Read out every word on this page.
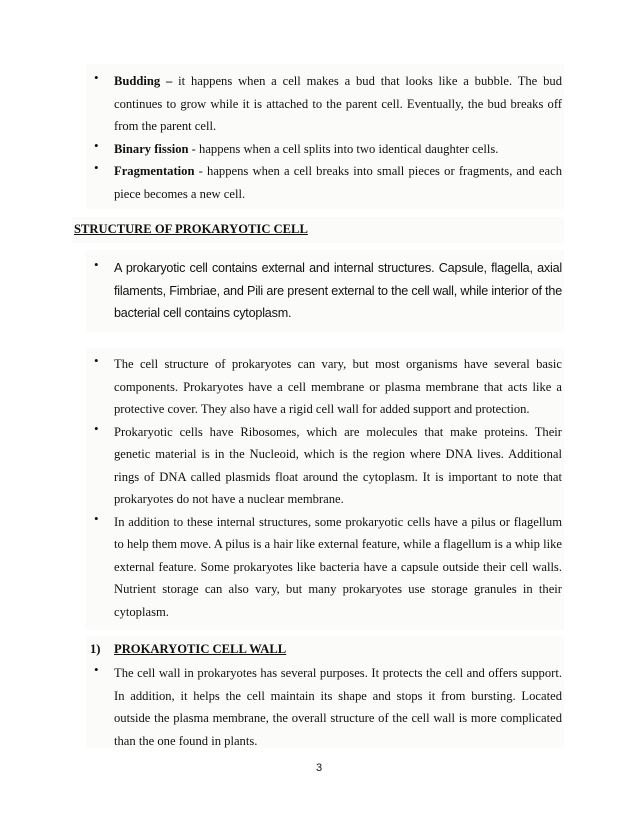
• Budding – it happens when a cell makes a bud that looks like a bubble. The bud continues to grow while it is attached to the parent cell. Eventually, the bud breaks off from the parent cell.

• Binary fission - happens when a cell splits into two identical daughter cells.

• Fragmentation - happens when a cell breaks into small pieces or fragments, and each piece becomes a new cell.

STRUCTURE OF PROKARYOTIC CELL
• A prokaryotic cell contains external and internal structures. Capsule, flagella, axial filaments, Fimbriae, and Pili are present external to the cell wall, while interior of the bacterial cell contains cytoplasm.

• The cell structure of prokaryotes can vary, but most organisms have several basic components. Prokaryotes have a cell membrane or plasma membrane that acts like a protective cover. They also have a rigid cell wall for added support and protection.

• Prokaryotic cells have Ribosomes, which are molecules that make proteins. Their genetic material is in the Nucleoid, which is the region where DNA lives. Additional rings of DNA called plasmids float around the cytoplasm. It is important to note that prokaryotes do not have a nuclear membrane.

• In addition to these internal structures, some prokaryotic cells have a pilus or flagellum to help them move. A pilus is a hair like external feature, while a flagellum is a whip like external feature. Some prokaryotes like bacteria have a capsule outside their cell walls. Nutrient storage can also vary, but many prokaryotes use storage granules in their cytoplasm.

1) PROKARYOTIC CELL WALL
• The cell wall in prokaryotes has several purposes. It protects the cell and offers support. In addition, it helps the cell maintain its shape and stops it from bursting. Located outside the plasma membrane, the overall structure of the cell wall is more complicated than the one found in plants.

3
